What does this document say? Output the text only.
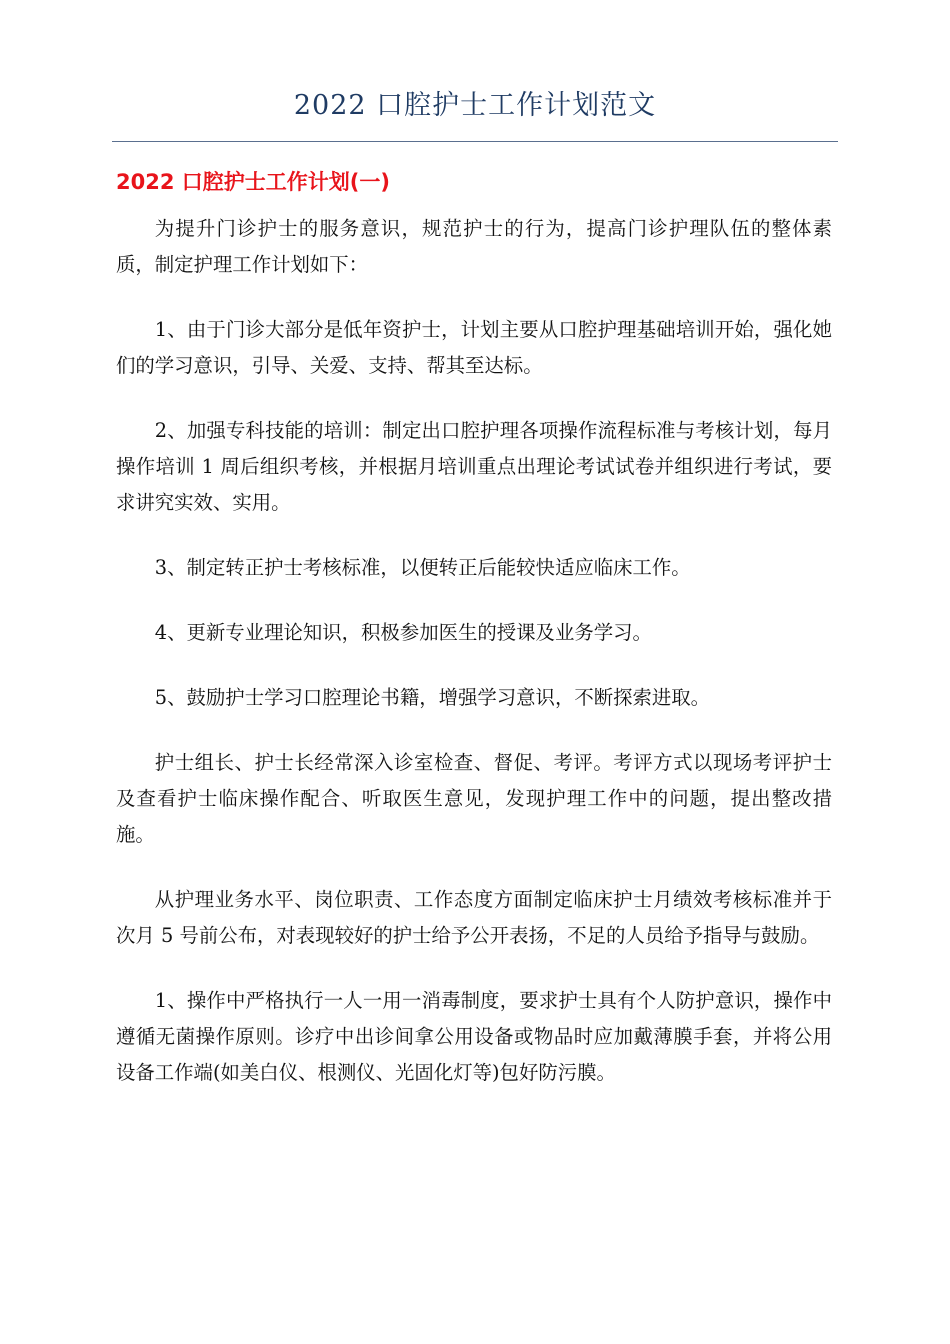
2022 口腔护士工作计划范文
2022 口腔护士工作计划(一)

为提升门诊护士的服务意识，规范护士的行为，提高门诊护理队伍的整体素质，制定护理工作计划如下：

1、由于门诊大部分是低年资护士，计划主要从口腔护理基础培训开始，强化她们的学习意识，引导、关爱、支持、帮其至达标。

2、加强专科技能的培训：制定出口腔护理各项操作流程标准与考核计划，每月操作培训 1 周后组织考核，并根据月培训重点出理论考试试卷并组织进行考试，要求讲究实效、实用。

3、制定转正护士考核标准，以便转正后能较快适应临床工作。

4、更新专业理论知识，积极参加医生的授课及业务学习。

5、鼓励护士学习口腔理论书籍，增强学习意识，不断探索进取。

护士组长、护士长经常深入诊室检查、督促、考评。考评方式以现场考评护士及查看护士临床操作配合、听取医生意见，发现护理工作中的问题，提出整改措施。

从护理业务水平、岗位职责、工作态度方面制定临床护士月绩效考核标准并于次月 5 号前公布，对表现较好的护士给予公开表扬，不足的人员给予指导与鼓励。

1、操作中严格执行一人一用一消毒制度，要求护士具有个人防护意识，操作中遵循无菌操作原则。诊疗中出诊间拿公用设备或物品时应加戴薄膜手套，并将公用设备工作端(如美白仪、根测仪、光固化灯等)包好防污膜。
